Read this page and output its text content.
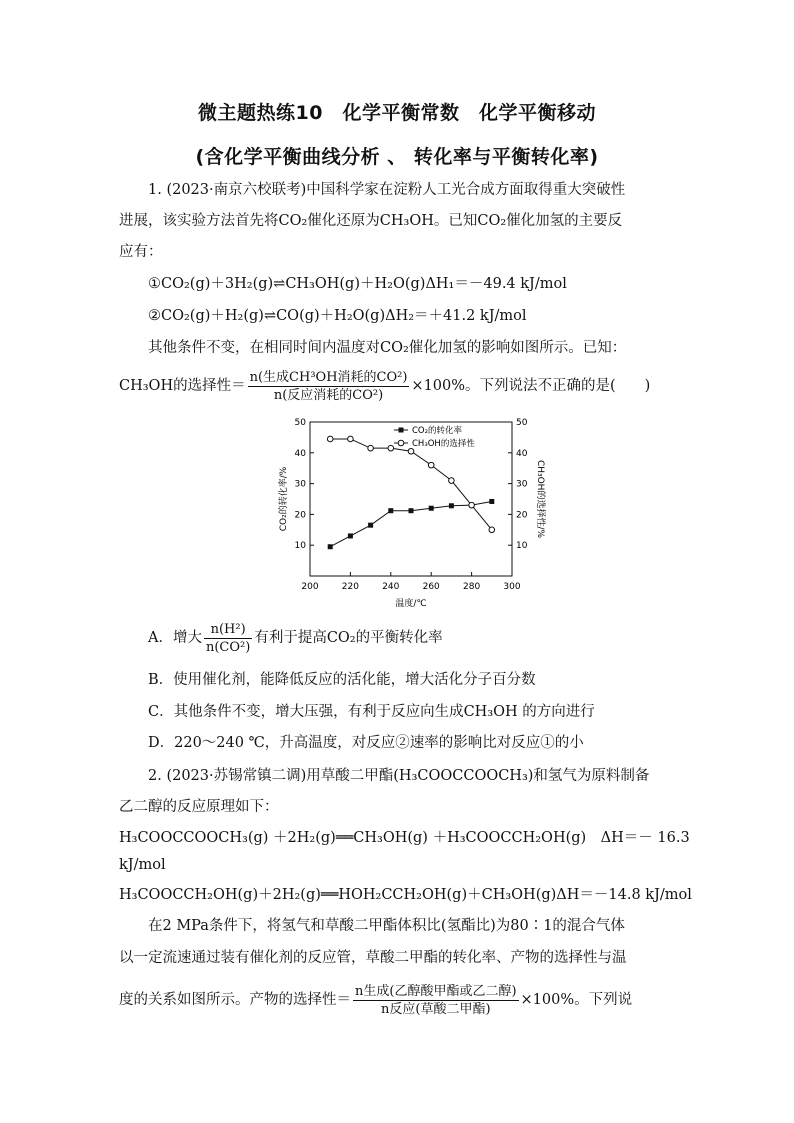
微主题热练10　化学平衡常数　化学平衡移动
(含化学平衡曲线分析 、 转化率与平衡转化率)
1. (2023·南京六校联考)中国科学家在淀粉人工光合成方面取得重大突破性
进展，该实验方法首先将CO₂催化还原为CH₃OH。已知CO₂催化加氢的主要反
应有：
①CO₂(g)＋3H₂(g)⇌CH₃OH(g)＋H₂O(g)ΔH₁＝－49.4 kJ/mol
②CO₂(g)＋H₂(g)⇌CO(g)＋H₂O(g)ΔH₂＝＋41.2 kJ/mol
其他条件不变，在相同时间内温度对CO₂催化加氢的影响如图所示。已知：
CH₃OH的选择性＝ $\frac{\text{n(生成CH³OH消耗的CO²)}}{\text{n(反应消耗的CO²)}} \times 100\%$。下列说法不正确的是(　　)
200	220	240	260	280	300
10	10
20	20
30	30
40	40
50	50
温度/℃
CO₂的转化率/%	CH₃OH的选择性/%
CO₂的转化率
CH₃OH的选择性
A．增大 $\frac{\text{n(H²)}}{\text{n(CO²)}}$ 有利于提高CO₂的平衡转化率
B．使用催化剂，能降低反应的活化能，增大活化分子百分数
C．其他条件不变，增大压强，有利于反应向生成CH₃OH 的方向进行
D．220～240 ℃，升高温度，对反应②速率的影响比对反应①的小
2. (2023·苏锡常镇二调)用草酸二甲酯(H₃COOCCOOCH₃)和氢气为原料制备
乙二醇的反应原理如下：
H₃COOCCOOCH₃(g) ＋2H₂(g)══CH₃OH(g) ＋H₃COOCCH₂OH(g)　ΔH＝－ 16.3
kJ/mol
H₃COOCCH₂OH(g)＋2H₂(g)══HOH₂CCH₂OH(g)＋CH₃OH(g)ΔH＝－14.8 kJ/mol
在2 MPa条件下，将氢气和草酸二甲酯体积比(氢酯比)为80∶1的混合气体
以一定流速通过装有催化剂的反应管，草酸二甲酯的转化率、产物的选择性与温
度的关系如图所示。产物的选择性＝ $\frac{\text{n生成(乙醇酸甲酯或乙二醇)}}{\text{n反应(草酸二甲酯)}} \times 100\%$。下列说
